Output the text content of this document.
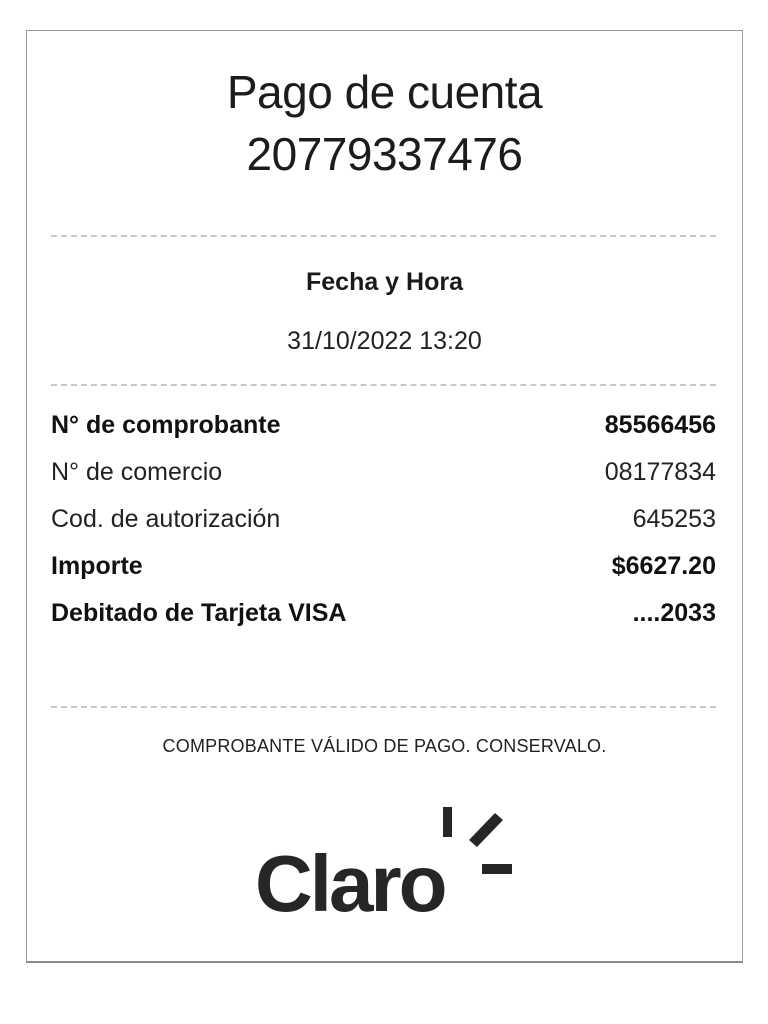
Pago de cuenta
20779337476
Fecha y Hora
31/10/2022 13:20
N° de comprobante	85566456
N° de comercio	08177834
Cod. de autorización	645253
Importe	$6627.20
Debitado de Tarjeta VISA	....2033
COMPROBANTE VÁLIDO DE PAGO. CONSERVALO.
Claro
